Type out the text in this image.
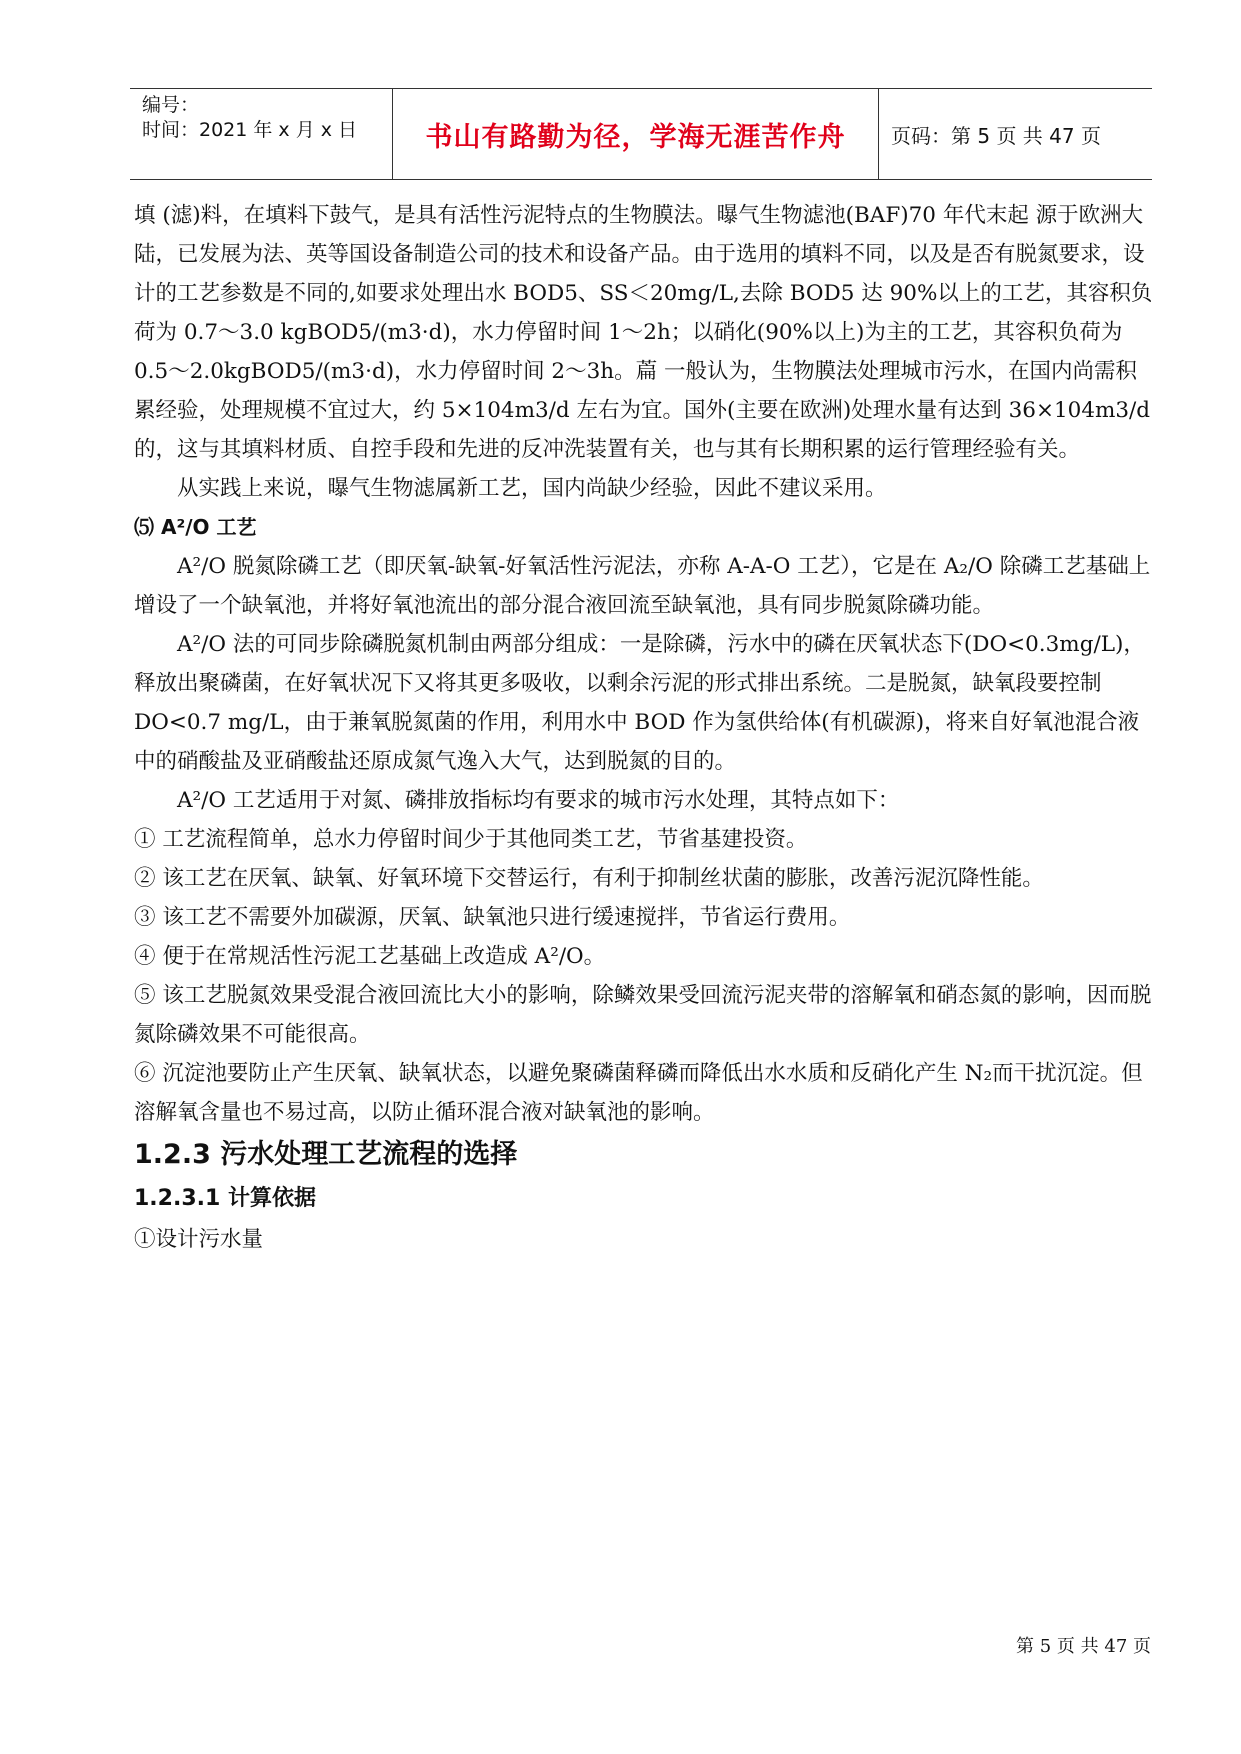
编号：
时间：2021 年 x 月 x 日	书山有路勤为径，学海无涯苦作舟	页码：第 5 页 共 47 页

填 (滤)料，在填料下鼓气，是具有活性污泥特点的生物膜法。曝气生物滤池(BAF)70 年代末起 源于欧洲大陆，已发展为法、英等国设备制造公司的技术和设备产品。由于选用的填料不同，以及是否有脱氮要求，设计的工艺参数是不同的,如要求处理出水 BOD5、SS＜20mg/L,去除 BOD5 达 90%以上的工艺，其容积负荷为 0.7～3.0 kgBOD5/(m3·d)，水力停留时间 1～2h；以硝化(90%以上)为主的工艺，其容积负荷为 0.5～2.0kgBOD5/(m3·d)，水力停留时间 2～3h。萹 一般认为，生物膜法处理城市污水，在国内尚需积累经验，处理规模不宜过大，约 5×104m3/d 左右为宜。国外(主要在欧洲)处理水量有达到 36×104m3/d 的，这与其填料材质、自控手段和先进的反冲洗装置有关，也与其有长期积累的运行管理经验有关。

从实践上来说，曝气生物滤属新工艺，国内尚缺少经验，因此不建议采用。

⑸ A²/O 工艺

A²/O 脱氮除磷工艺（即厌氧-缺氧-好氧活性污泥法，亦称 A-A-O 工艺），它是在 A₂/O 除磷工艺基础上增设了一个缺氧池，并将好氧池流出的部分混合液回流至缺氧池，具有同步脱氮除磷功能。

A²/O 法的可同步除磷脱氮机制由两部分组成：一是除磷，污水中的磷在厌氧状态下(DO<0.3mg/L)，释放出聚磷菌，在好氧状况下又将其更多吸收，以剩余污泥的形式排出系统。二是脱氮，缺氧段要控制 DO<0.7 mg/L，由于兼氧脱氮菌的作用，利用水中 BOD 作为氢供给体(有机碳源)，将来自好氧池混合液中的硝酸盐及亚硝酸盐还原成氮气逸入大气，达到脱氮的目的。

A²/O 工艺适用于对氮、磷排放指标均有要求的城市污水处理，其特点如下：

① 工艺流程简单，总水力停留时间少于其他同类工艺，节省基建投资。

② 该工艺在厌氧、缺氧、好氧环境下交替运行，有利于抑制丝状菌的膨胀，改善污泥沉降性能。

③ 该工艺不需要外加碳源，厌氧、缺氧池只进行缓速搅拌，节省运行费用。

④ 便于在常规活性污泥工艺基础上改造成 A²/O。

⑤ 该工艺脱氮效果受混合液回流比大小的影响，除鳞效果受回流污泥夹带的溶解氧和硝态氮的影响，因而脱氮除磷效果不可能很高。

⑥ 沉淀池要防止产生厌氧、缺氧状态，以避免聚磷菌释磷而降低出水水质和反硝化产生 N₂而干扰沉淀。但溶解氧含量也不易过高，以防止循环混合液对缺氧池的影响。

1.2.3 污水处理工艺流程的选择

1.2.3.1 计算依据

①设计污水量

第 5 页 共 47 页
